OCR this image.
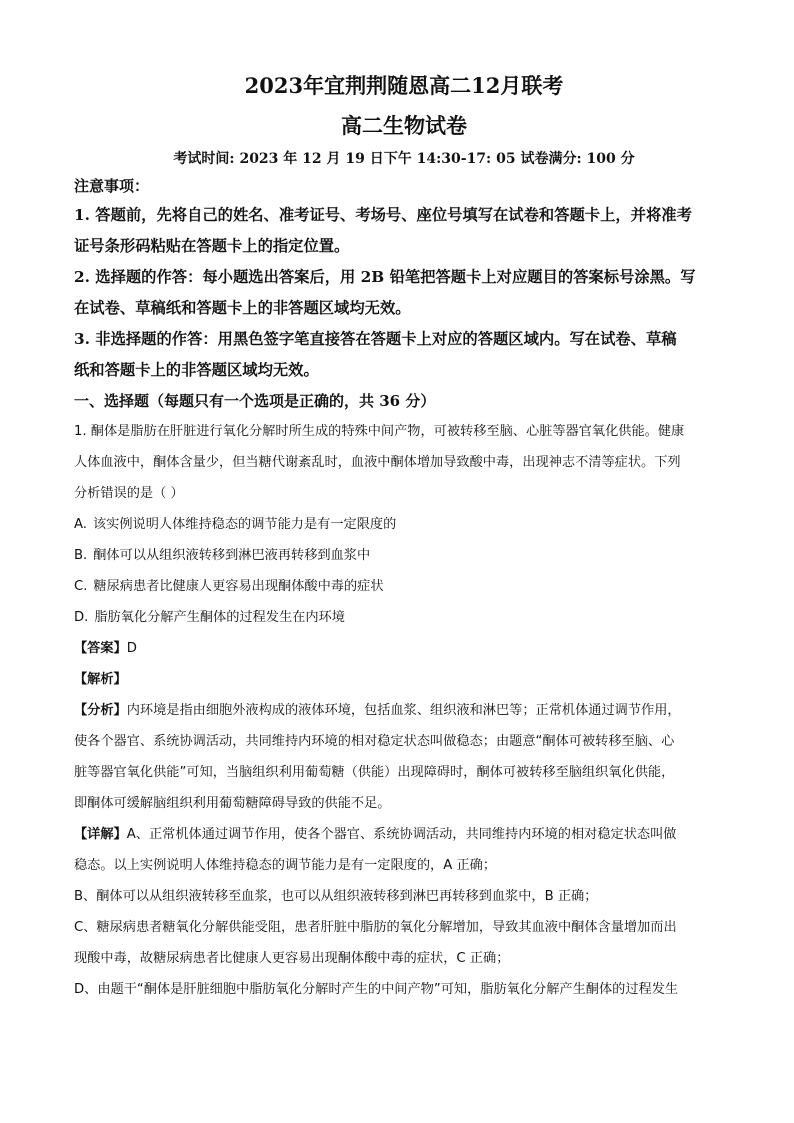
2023年宜荆荆随恩高二12月联考
高二生物试卷
考试时间: 2023 年 12 月 19 日下午 14:30-17: 05 试卷满分: 100 分
注意事项：
1. 答题前，先将自己的姓名、准考证号、考场号、座位号填写在试卷和答题卡上，并将准考
证号条形码粘贴在答题卡上的指定位置。
2. 选择题的作答：每小题选出答案后，用 2B 铅笔把答题卡上对应题目的答案标号涂黑。写
在试卷、草稿纸和答题卡上的非答题区域均无效。
3. 非选择题的作答：用黑色签字笔直接答在答题卡上对应的答题区域内。写在试卷、草稿
纸和答题卡上的非答题区域均无效。
一、选择题（每题只有一个选项是正确的，共 36 分）
1. 酮体是脂肪在肝脏进行氧化分解时所生成的特殊中间产物，可被转移至脑、心脏等器官氧化供能。健康
人体血液中，酮体含量少，但当糖代谢紊乱时，血液中酮体增加导致酸中毒，出现神志不清等症状。下列
分析错误的是（ ）
A. 该实例说明人体维持稳态的调节能力是有一定限度的
B. 酮体可以从组织液转移到淋巴液再转移到血浆中
C. 糖尿病患者比健康人更容易出现酮体酸中毒的症状
D. 脂肪氧化分解产生酮体的过程发生在内环境
【答案】D
【解析】
【分析】内环境是指由细胞外液构成的液体环境，包括血浆、组织液和淋巴等；正常机体通过调节作用，
使各个器官、系统协调活动，共同维持内环境的相对稳定状态叫做稳态；由题意“酮体可被转移至脑、心
脏等器官氧化供能”可知，当脑组织利用葡萄糖（供能）出现障碍时，酮体可被转移至脑组织氧化供能，
即酮体可缓解脑组织利用葡萄糖障碍导致的供能不足。
【详解】A、正常机体通过调节作用，使各个器官、系统协调活动，共同维持内环境的相对稳定状态叫做
稳态。以上实例说明人体维持稳态的调节能力是有一定限度的，A 正确；
B、酮体可以从组织液转移至血浆，也可以从组织液转移到淋巴再转移到血浆中，B 正确；
C、糖尿病患者糖氧化分解供能受阻，患者肝脏中脂肪的氧化分解增加，导致其血液中酮体含量增加而出
现酸中毒，故糖尿病患者比健康人更容易出现酮体酸中毒的症状，C 正确；
D、由题干“酮体是肝脏细胞中脂肪氧化分解时产生的中间产物”可知，脂肪氧化分解产生酮体的过程发生
